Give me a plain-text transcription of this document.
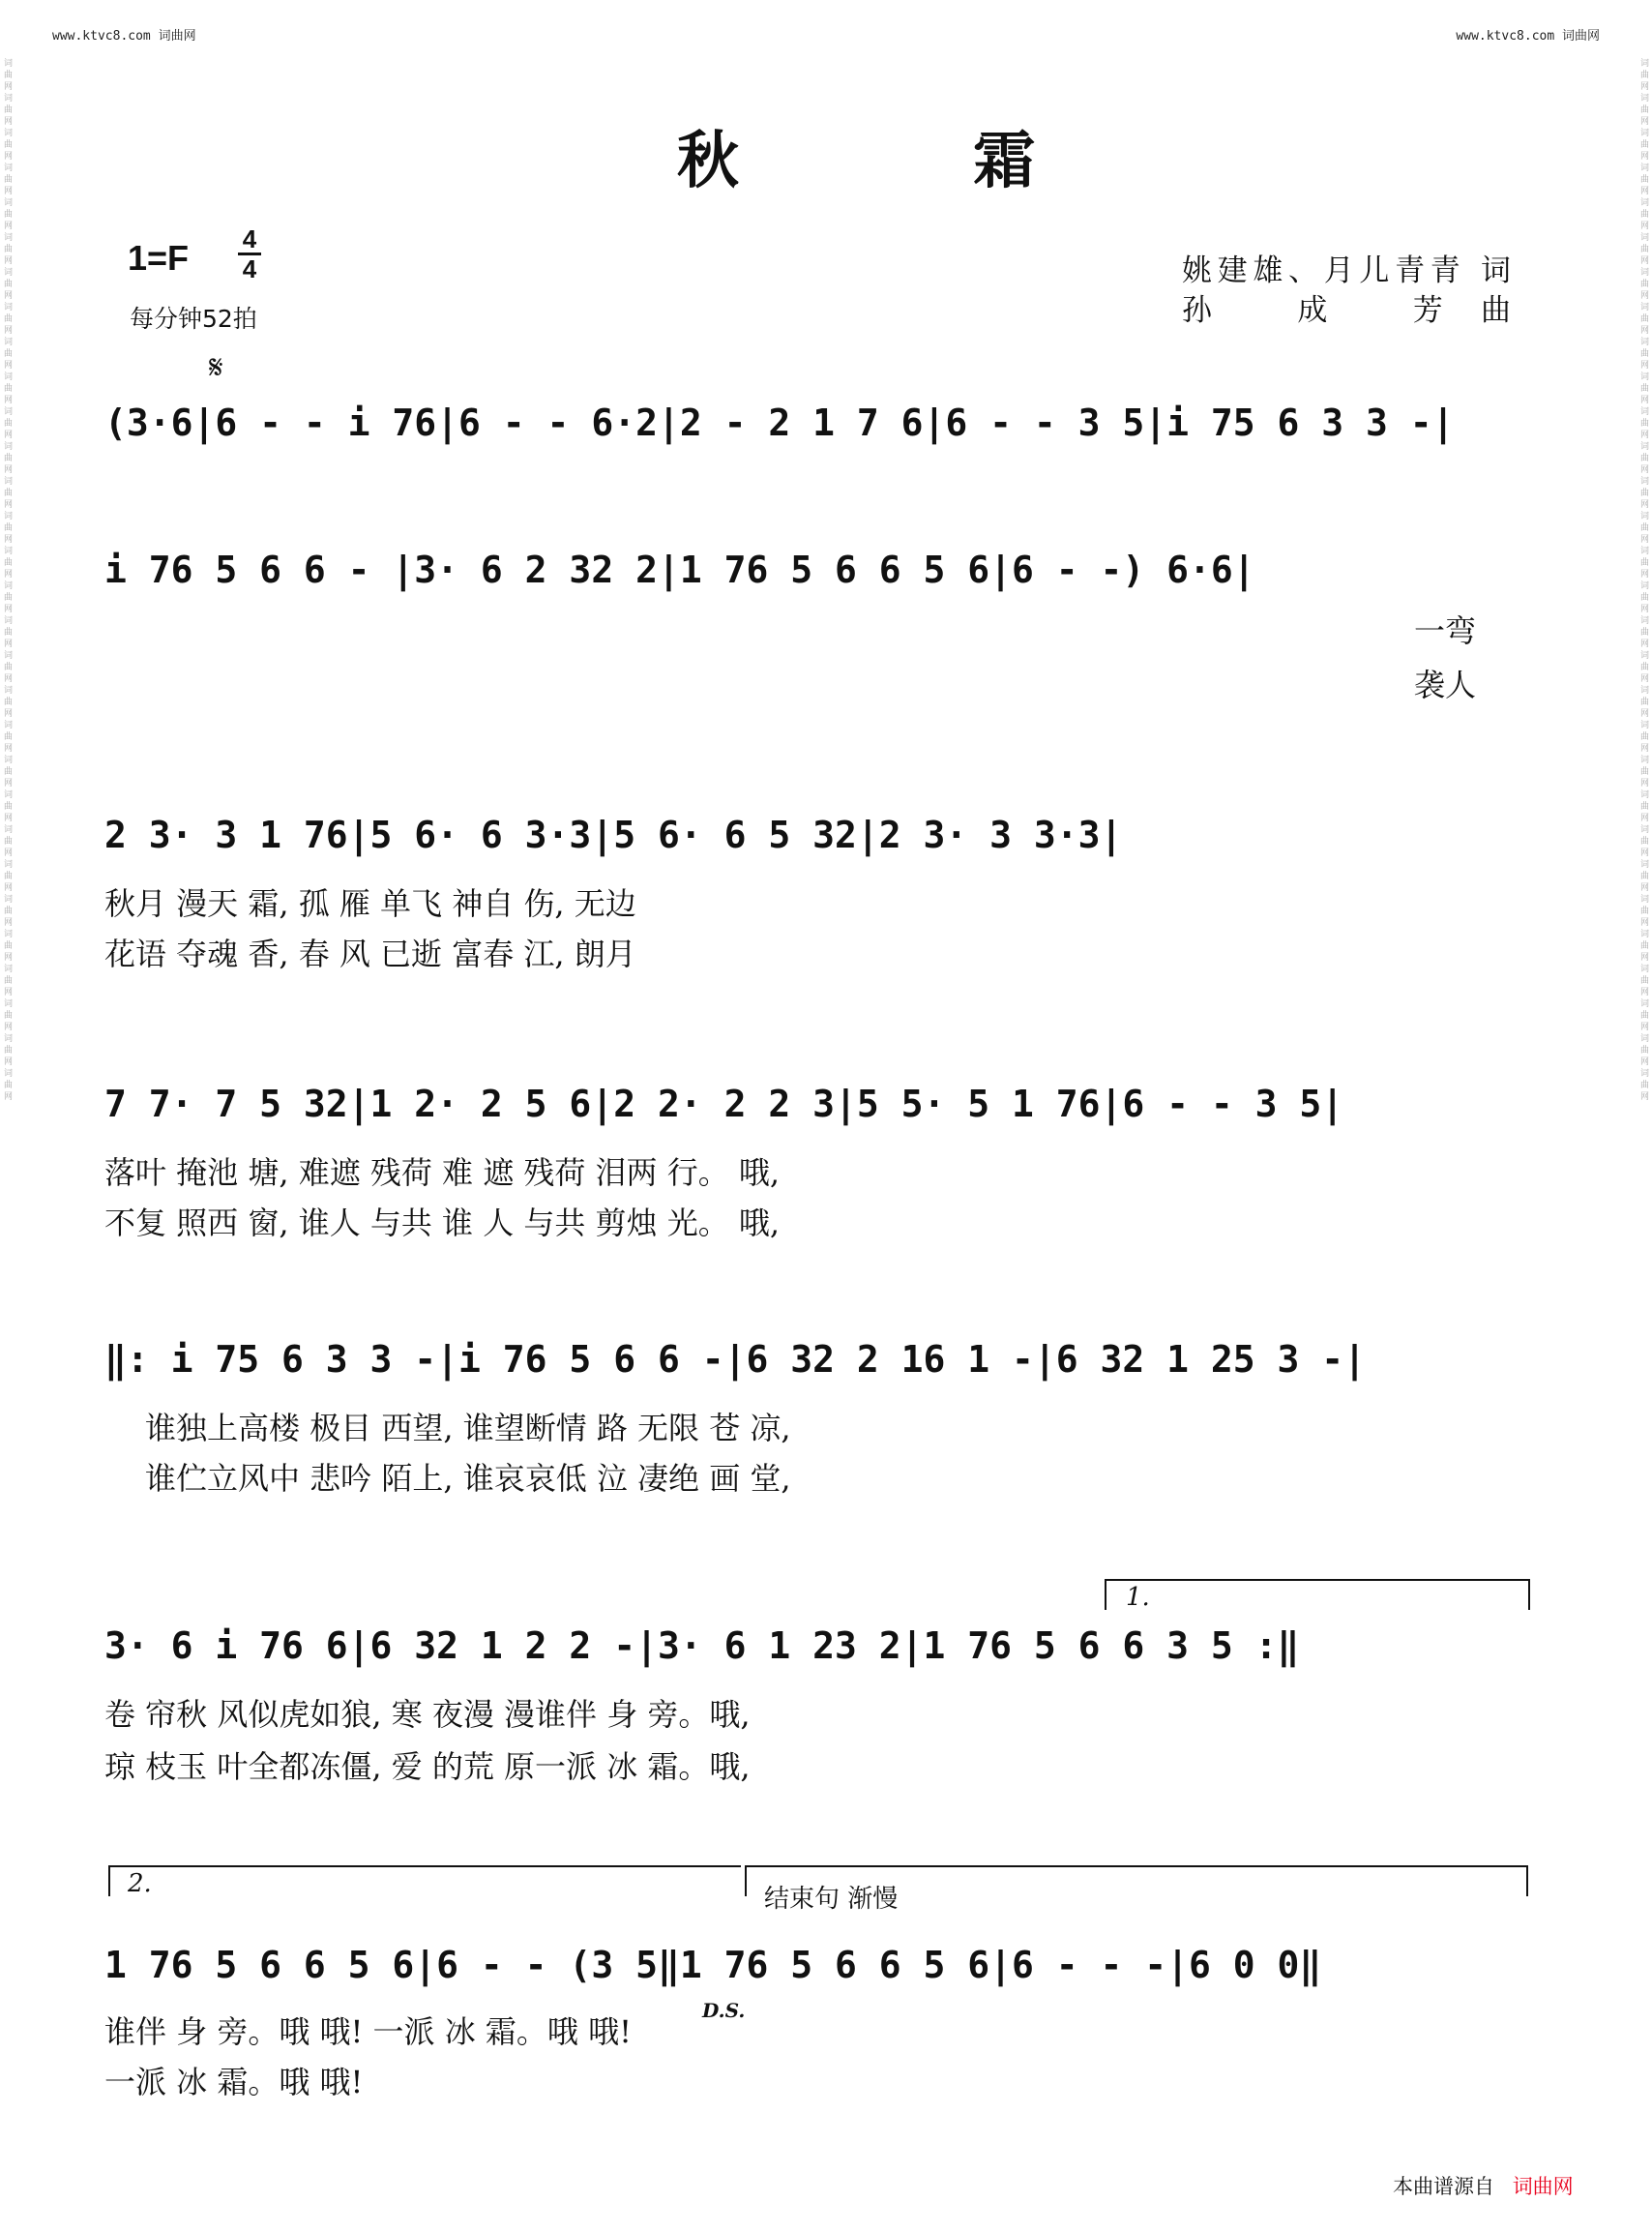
www.ktvc8.com 词曲网	www.ktvc8.com 词曲网
词曲网词曲网词曲网词曲网词曲网词曲网词曲网词曲网词曲网词曲网词曲网词曲网词曲网词曲网词曲网词曲网词曲网词曲网词曲网词曲网词曲网词曲网词曲网词曲网词曲网词曲网词曲网词曲网词曲网词曲网
词曲网词曲网词曲网词曲网词曲网词曲网词曲网词曲网词曲网词曲网词曲网词曲网词曲网词曲网词曲网词曲网词曲网词曲网词曲网词曲网词曲网词曲网词曲网词曲网词曲网词曲网词曲网词曲网词曲网词曲网
秋 霜
1=F 4
4
每分钟52拍
姚建雄、月儿青青 词
孙 成 芳曲
𝄋
(3·6|6 - - i 76|6 - - 6·2|2 - 2 1 7 6|6 - - 3 5|i 75 6 3 3 -|
i 76 5 6 6 - |3· 6 2 32 2|1 76 5 6 6 5 6|6 - -) 6·6|
一弯
袭人
2 3· 3 1 76|5 6· 6 3·3|5 6· 6 5 32|2 3· 3 3·3|
秋月 漫天 霜, 孤 雁 单飞 神自 伤, 无边
花语 夺魂 香, 春 风 已逝 富春 江, 朗月
7 7· 7 5 32|1 2· 2 5 6|2 2· 2 2 3|5 5· 5 1 76|6 - - 3 5|
落叶 掩池 塘, 难遮 残荷 难 遮 残荷 泪两 行。 哦,
不复 照西 窗, 谁人 与共 谁 人 与共 剪烛 光。 哦,
‖: i 75 6 3 3 -|i 76 5 6 6 -|6 32 2 16 1 -|6 32 1 25 3 -|
谁独上高楼 极目 西望, 谁望断情 路 无限 苍 凉,
谁伫立风中 悲吟 陌上, 谁哀哀低 泣 凄绝 画 堂,
1.
3· 6 i 76 6|6 32 1 2 2 -|3· 6 1 23 2|1 76 5 6 6 3 5 :‖
卷 帘秋 风似虎如狼, 寒 夜漫 漫谁伴 身 旁。哦,
琼 枝玉 叶全都冻僵, 爱 的荒 原一派 冰 霜。哦,
2.
结束句 渐慢
1 76 5 6 6 5 6|6 - - (3 5‖1 76 5 6 6 5 6|6 - - -|6 0 0‖
D.S.
谁伴 身 旁。哦 哦! 一派 冰 霜。哦 哦!
一派 冰 霜。哦 哦!
本曲谱源自 词曲网
